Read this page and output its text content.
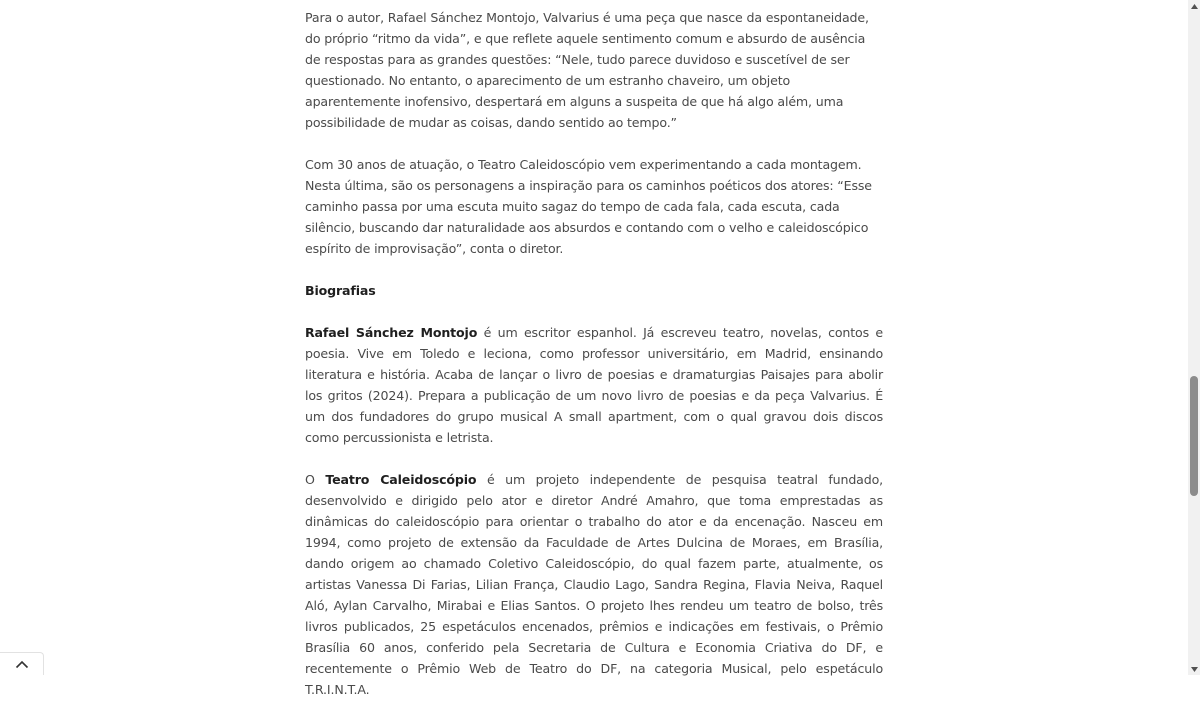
Para o autor, Rafael Sánchez Montojo, Valvarius é uma peça que nasce da espontaneidade, do próprio “ritmo da vida”, e que reflete aquele sentimento comum e absurdo de ausência de respostas para as grandes questões: “Nele, tudo parece duvidoso e suscetível de ser questionado. No entanto, o aparecimento de um estranho chaveiro, um objeto aparentemente inofensivo, despertará em alguns a suspeita de que há algo além, uma possibilidade de mudar as coisas, dando sentido ao tempo.”

Com 30 anos de atuação, o Teatro Caleidoscópio vem experimentando a cada montagem. Nesta última, são os personagens a inspiração para os caminhos poéticos dos atores: “Esse caminho passa por uma escuta muito sagaz do tempo de cada fala, cada escuta, cada silêncio, buscando dar naturalidade aos absurdos e contando com o velho e caleidoscópico espírito de improvisação”, conta o diretor.

Biografias

Rafael Sánchez Montojo é um escritor espanhol. Já escreveu teatro, novelas, contos e poesia. Vive em Toledo e leciona, como professor universitário, em Madrid, ensinando literatura e história. Acaba de lançar o livro de poesias e dramaturgias Paisajes para abolir los gritos (2024). Prepara a publicação de um novo livro de poesias e da peça Valvarius. É um dos fundadores do grupo musical A small apartment, com o qual gravou dois discos como percussionista e letrista.

O Teatro Caleidoscópio é um projeto independente de pesquisa teatral fundado, desenvolvido e dirigido pelo ator e diretor André Amahro, que toma emprestadas as dinâmicas do caleidoscópio para orientar o trabalho do ator e da encenação. Nasceu em 1994, como projeto de extensão da Faculdade de Artes Dulcina de Moraes, em Brasília, dando origem ao chamado Coletivo Caleidoscópio, do qual fazem parte, atualmente, os artistas Vanessa Di Farias, Lilian França, Claudio Lago, Sandra Regina, Flavia Neiva, Raquel Aló, Aylan Carvalho, Mirabai e Elias Santos. O projeto lhes rendeu um teatro de bolso, três livros publicados, 25 espetáculos encenados, prêmios e indicações em festivais, o Prêmio Brasília 60 anos, conferido pela Secretaria de Cultura e Economia Criativa do DF, e recentemente o Prêmio Web de Teatro do DF, na categoria Musical, pelo espetáculo T.R.I.N.T.A.
